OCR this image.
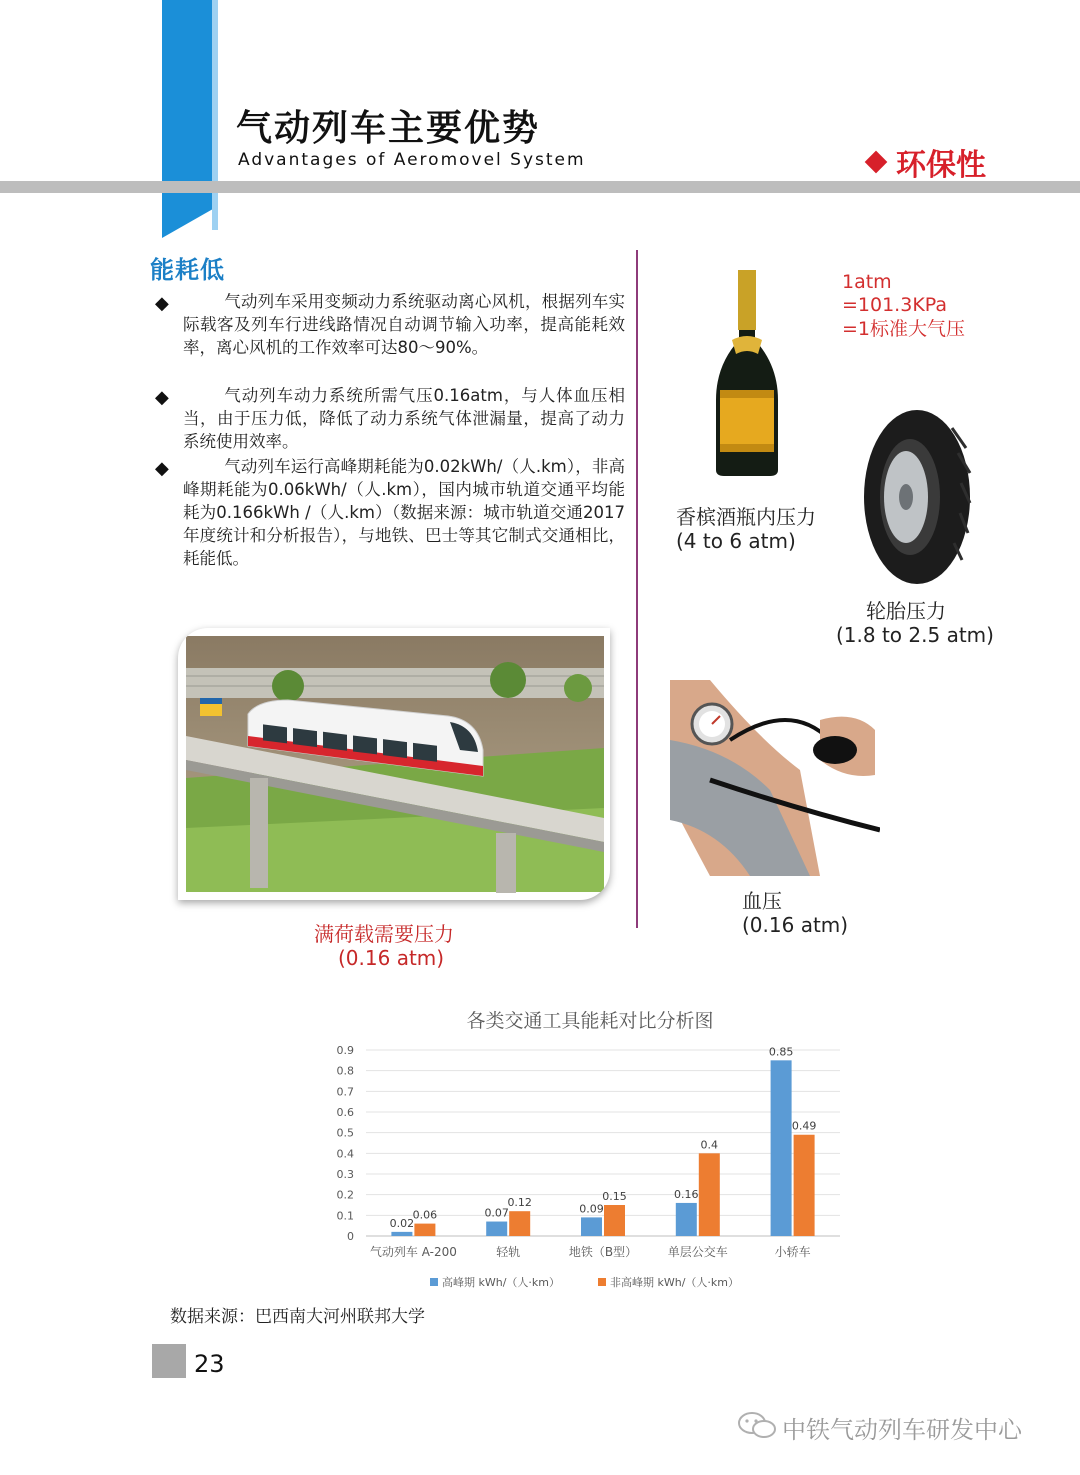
气动列车主要优势
Advantages of Aeromovel System	环保性
能耗低
◆	气动列车采用变频动力系统驱动离心风机，根据列车实际载客及列车行进线路情况自动调节输入功率，提高能耗效率，离心风机的工作效率可达80～90%。
◆	气动列车动力系统所需气压0.16atm，与人体血压相当，由于压力低，降低了动力系统气体泄漏量，提高了动力系统使用效率。
◆	气动列车运行高峰期耗能为0.02kWh/（人.km），非高峰期耗能为0.06kWh/（人.km），国内城市轨道交通平均能耗为0.166kWh /（人.km）（数据来源：城市轨道交通2017年度统计和分析报告），与地铁、巴士等其它制式交通相比，耗能低。
满荷载需要压力
(0.16 atm)
1atm
=101.3KPa
=1标准大气压
香槟酒瓶内压力
(4 to 6 atm)
轮胎压力
(1.8 to 2.5 atm)
血压
(0.16 atm)
各类交通工具能耗对比分析图
0
0.1
0.2
0.3
0.4
0.5
0.6
0.7
0.8
0.9
0.02
0.06
气动列车 A-200
0.07
0.12
轻轨
0.09
0.15
地铁（B型）
0.16
0.4
单层公交车
0.85
0.49
小轿车
高峰期 kWh/（人·km）	非高峰期 kWh/（人·km）
数据来源：巴西南大河州联邦大学
23
中铁气动列车研发中心
